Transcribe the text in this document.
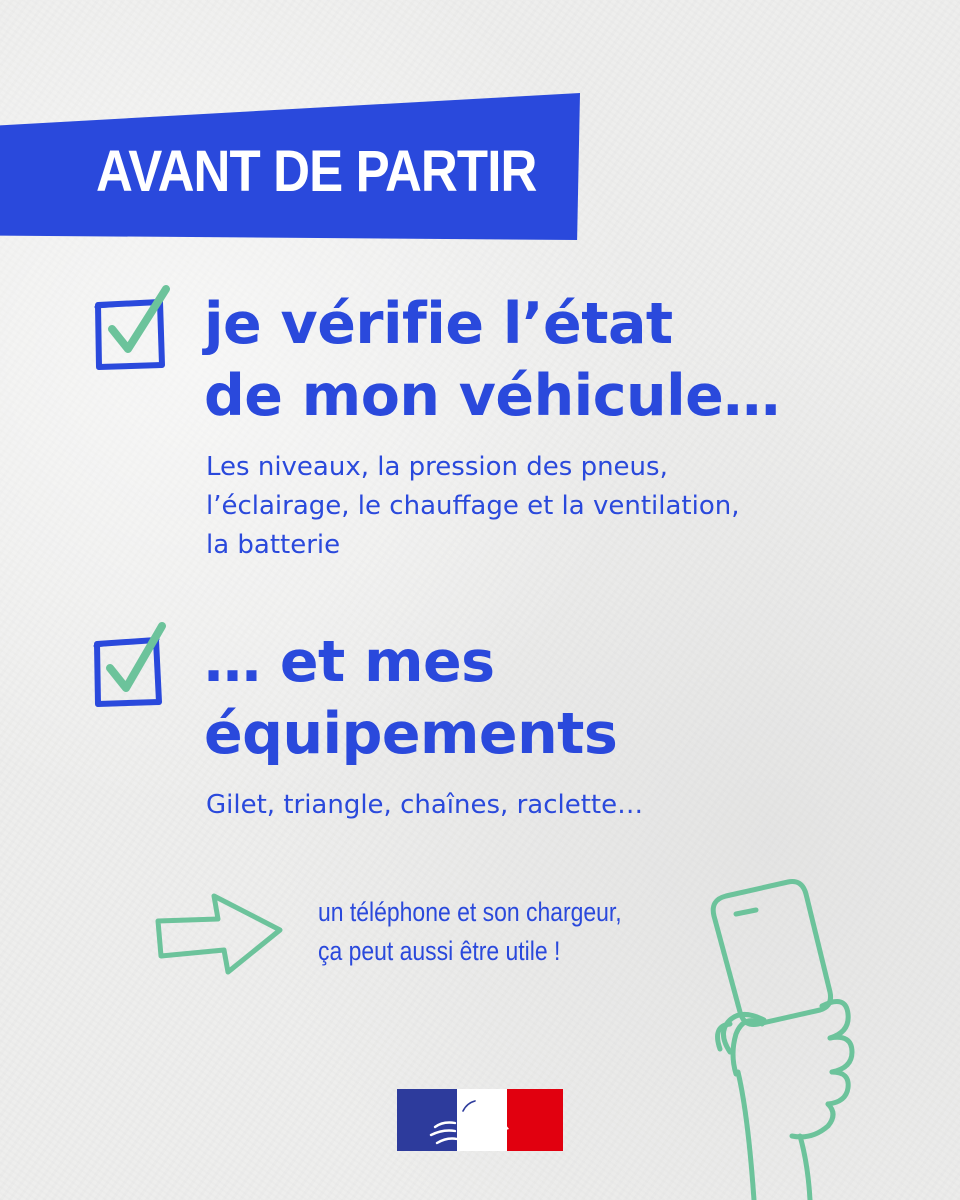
AVANT DE PARTIR
je vérifie l’état
de mon véhicule…
Les niveaux, la pression des pneus,
l’éclairage, le chauffage et la ventilation,
la batterie
… et mes
équipements
Gilet, triangle, chaînes, raclette…
un téléphone et son chargeur,
ça peut aussi être utile !
